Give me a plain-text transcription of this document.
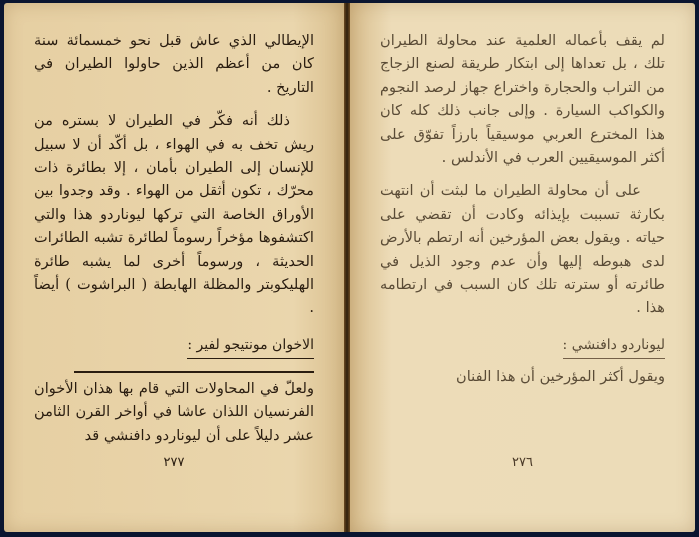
الإيطالي الذي عاش قبل نحو خمسمائة سنة كان من أعظم الذين حاولوا الطيران في التاريخ .

ذلك أنه فكّر في الطيران لا بستره من ريش تخف به في الهواء ، بل أكّد أن لا سبيل للإنسان إلى الطيران بأمان ، إلا بطائرة ذات محرّك ، تكون أثقل من الهواء . وقد وجدوا بين الأوراق الخاصة التي تركها ليوناردو هذا والتي اكتشفوها مؤخراً رسوماً لطائرة تشبه الطائرات الحديثة ، ورسوماً أخرى لما يشبه طائرة الهليكوبتر والمظلة الهابطة ( البراشوت ) أيضاً .

الاخوان مونتيجو لفير :

ولعلّ في المحاولات التي قام بها هذان الأخوان الفرنسيان اللذان عاشا في أواخر القرن الثامن عشر دليلاً على أن ليوناردو دافنشي قد

٢٧٧

لم يقف بأعماله العلمية عند محاولة الطيران تلك ، بل تعداها إلى ابتكار طريقة لصنع الزجاج من التراب والحجارة واختراع جهاز لرصد النجوم والكواكب السيارة . وإلى جانب ذلك كله كان هذا المخترع العربي موسيقياً بارزاً تفوّق على أكثر الموسيقيين العرب في الأندلس .

على أن محاولة الطيران ما لبثت أن انتهت بكارثة تسببت بإيذائه وكادت أن تقضي على حياته . ويقول بعض المؤرخين أنه ارتطم بالأرض لدى هبوطه إليها وأن عدم وجود الذيل في طائرته أو سترته تلك كان السبب في ارتطامه هذا .

ليوناردو دافنشي :

ويقول أكثر المؤرخين أن هذا الفنان

٢٧٦
